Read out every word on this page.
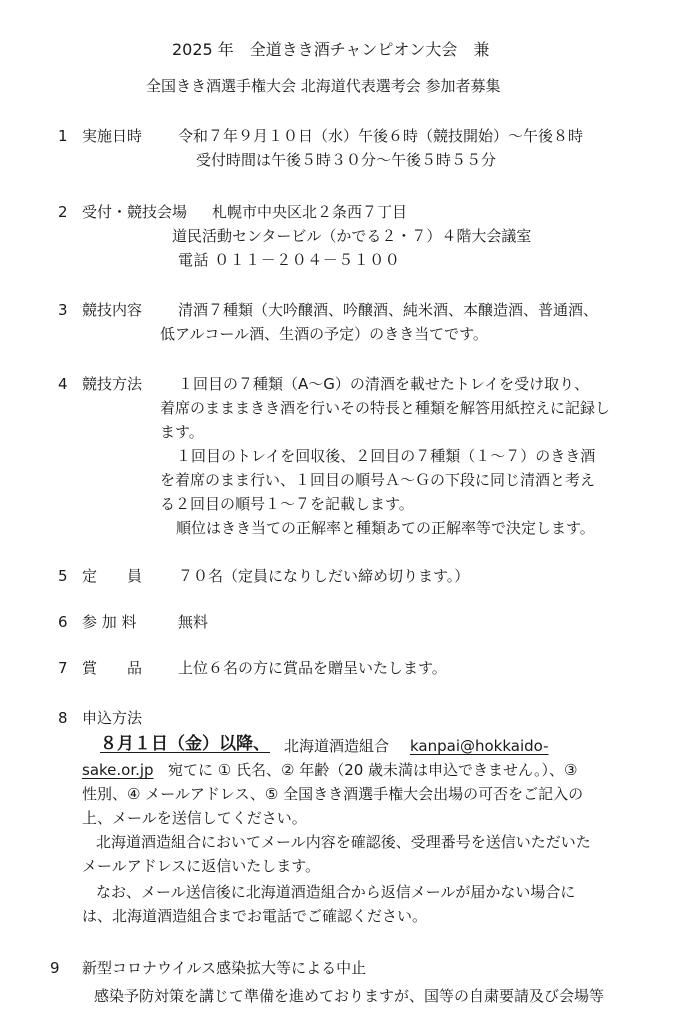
2025 年　全道きき酒チャンピオン大会　兼
全国きき酒選手権大会 北海道代表選考会 参加者募集
1 実施日時 令和７年９月１０日（水）午後６時（競技開始）～午後８時
受付時間は午後５時３０分～午後５時５５分
2 受付・競技会場 札幌市中央区北２条西７丁目
道民活動センタービル（かでる２・７）４階大会議室
電話 ０１１－２０４－５１００
3 競技内容 清酒７種類（大吟醸酒、吟醸酒、純米酒、本醸造酒、普通酒、
低アルコール酒、生酒の予定）のきき当てです。
4 競技方法 １回目の７種類（A～G）の清酒を載せたトレイを受け取り、
着席のまままきき酒を行いその特長と種類を解答用紙控えに記録し
ます。
１回目のトレイを回収後、２回目の７種類（１～７）のきき酒
を着席のまま行い、１回目の順号Ａ～Ｇの下段に同じ清酒と考え
る２回目の順号１～７を記載します。
順位はきき当ての正解率と種類あての正解率等で決定します。
5 定　　員 ７０名（定員になりしだい締め切ります。）
6 参 加 料	無料
7 賞　　品 上位６名の方に賞品を贈呈いたします。
8 申込方法
８月１日（金）以降、 北海道酒造組合 kanpai@hokkaido-
sake.or.jp 宛てに ① 氏名、② 年齢（20 歳未満は申込できません。）、③
性別、④ メールアドレス、⑤ 全国きき酒選手権大会出場の可否をご記入の
上、メールを送信してください。
北海道酒造組合においてメール内容を確認後、受理番号を送信いただいた
メールアドレスに返信いたします。
なお、メール送信後に北海道酒造組合から返信メールが届かない場合に
は、北海道酒造組合までお電話でご確認ください。
9	新型コロナウイルス感染拡大等による中止
感染予防対策を講じて準備を進めておりますが、国等の自粛要請及び会場等
